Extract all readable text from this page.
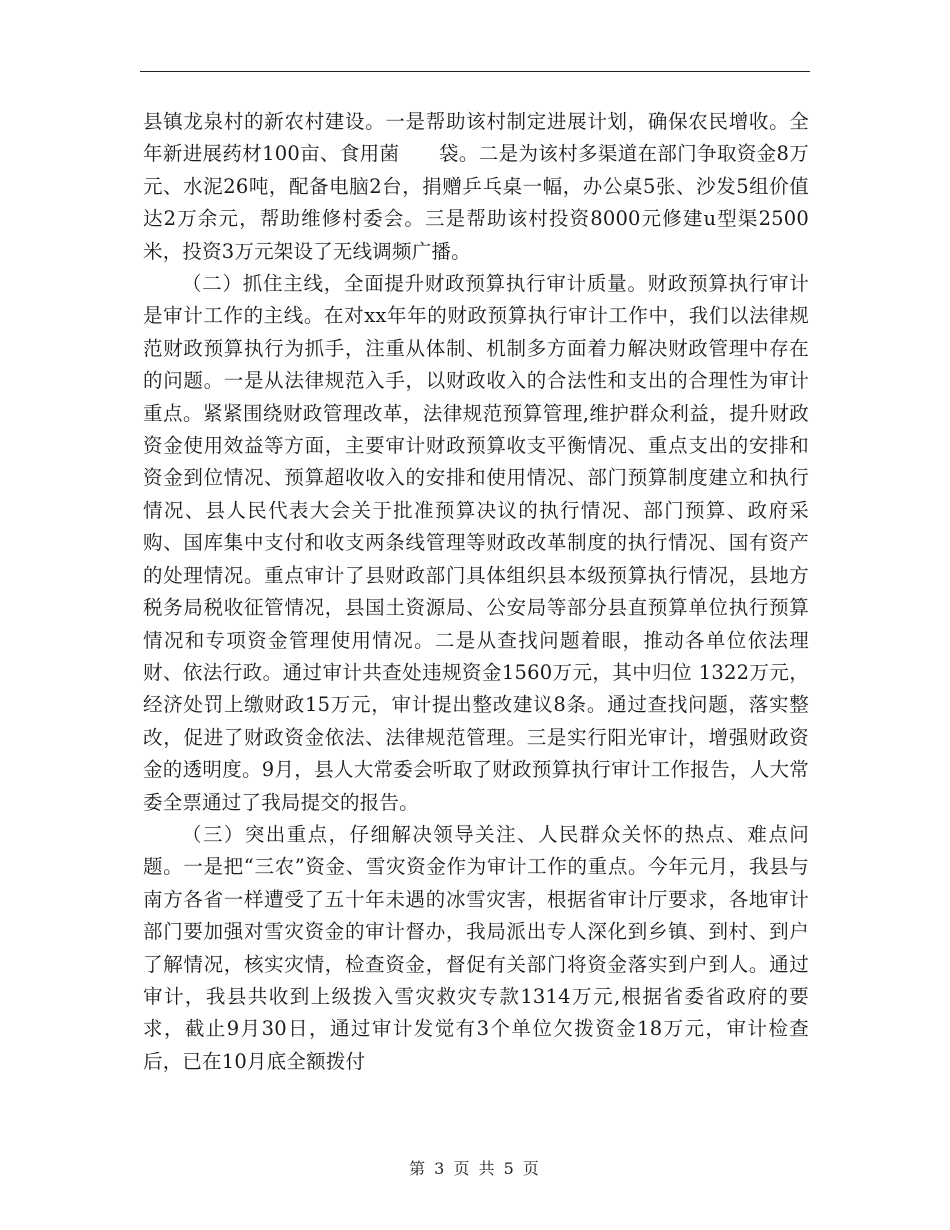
县镇龙泉村的新农村建设。一是帮助该村制定进展计划，确保农民增收。全年新进展药材100亩、食用菌　　袋。二是为该村多渠道在部门争取资金8万元、水泥26吨，配备电脑2台，捐赠乒乓桌一幅，办公桌5张、沙发5组价值达2万余元，帮助维修村委会。三是帮助该村投资8000元修建u型渠2500米，投资3万元架设了无线调频广播。

（二）抓住主线，全面提升财政预算执行审计质量。财政预算执行审计是审计工作的主线。在对xx年年的财政预算执行审计工作中，我们以法律规范财政预算执行为抓手，注重从体制、机制多方面着力解决财政管理中存在的问题。一是从法律规范入手，以财政收入的合法性和支出的合理性为审计重点。紧紧围绕财政管理改革，法律规范预算管理,维护群众利益，提升财政资金使用效益等方面，主要审计财政预算收支平衡情况、重点支出的安排和资金到位情况、预算超收收入的安排和使用情况、部门预算制度建立和执行情况、县人民代表大会关于批准预算决议的执行情况、部门预算、政府采购、国库集中支付和收支两条线管理等财政改革制度的执行情况、国有资产的处理情况。重点审计了县财政部门具体组织县本级预算执行情况，县地方税务局税收征管情况，县国土资源局、公安局等部分县直预算单位执行预算情况和专项资金管理使用情况。二是从查找问题着眼，推动各单位依法理财、依法行政。通过审计共查处违规资金1560万元，其中归位 1322万元，经济处罚上缴财政15万元，审计提出整改建议8条。通过查找问题，落实整改，促进了财政资金依法、法律规范管理。三是实行阳光审计，增强财政资金的透明度。9月，县人大常委会听取了财政预算执行审计工作报告，人大常委全票通过了我局提交的报告。

（三）突出重点，仔细解决领导关注、人民群众关怀的热点、难点问题。一是把“三农”资金、雪灾资金作为审计工作的重点。今年元月，我县与南方各省一样遭受了五十年未遇的冰雪灾害，根据省审计厅要求，各地审计部门要加强对雪灾资金的审计督办，我局派出专人深化到乡镇、到村、到户了解情况，核实灾情，检查资金，督促有关部门将资金落实到户到人。通过审计，我县共收到上级拨入雪灾救灾专款1314万元,根据省委省政府的要求，截止9月30日，通过审计发觉有3个单位欠拨资金18万元，审计检查后，已在10月底全额拨付

第 3 页 共 5 页
